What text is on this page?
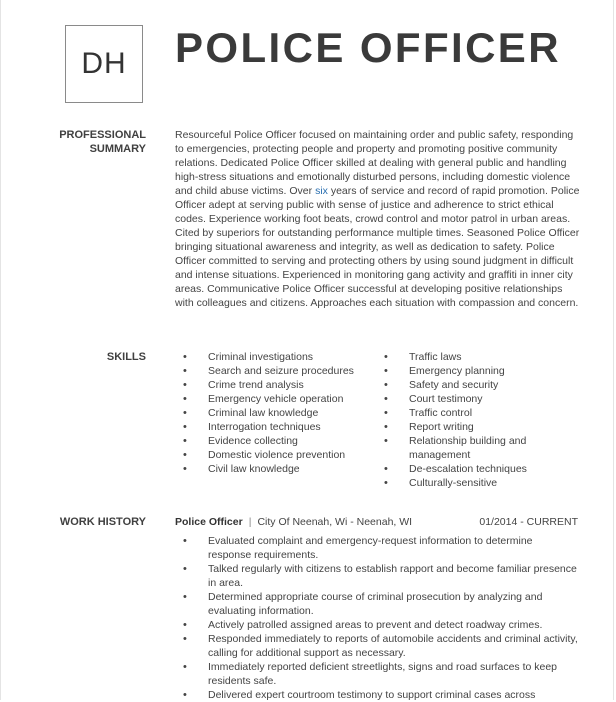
DH POLICE OFFICER
PROFESSIONAL
SUMMARY

Resourceful Police Officer focused on maintaining order and public safety, responding to emergencies, protecting people and property and promoting positive community relations. Dedicated Police Officer skilled at dealing with general public and handling high-stress situations and emotionally disturbed persons, including domestic violence and child abuse victims. Over six years of service and record of rapid promotion. Police Officer adept at serving public with sense of justice and adherence to strict ethical codes. Experience working foot beats, crowd control and motor patrol in urban areas. Cited by superiors for outstanding performance multiple times. Seasoned Police Officer bringing situational awareness and integrity, as well as dedication to safety. Police Officer committed to serving and protecting others by using sound judgment in difficult and intense situations. Experienced in monitoring gang activity and graffiti in inner city areas. Communicative Police Officer successful at developing positive relationships with colleagues and citizens. Approaches each situation with compassion and concern.

SKILLS	• Criminal investigations
• Search and seizure procedures
• Crime trend analysis
• Emergency vehicle operation
• Criminal law knowledge
• Interrogation techniques
• Evidence collecting
• Domestic violence prevention
• Civil law knowledge
• Traffic laws
• Emergency planning
• Safety and security
• Court testimony
• Traffic control
• Report writing
• Relationship building and management
• De-escalation techniques
• Culturally-sensitive
WORK HISTORY	Police Officer | City Of Neenah, Wi - Neenah, WI	01/2014 - CURRENT
• Evaluated complaint and emergency-request information to determine response requirements.
• Talked regularly with citizens to establish rapport and become familiar presence in area.
• Determined appropriate course of criminal prosecution by analyzing and evaluating information.
• Actively patrolled assigned areas to prevent and detect roadway crimes.
• Responded immediately to reports of automobile accidents and criminal activity, calling for additional support as necessary.
• Immediately reported deficient streetlights, signs and road surfaces to keep residents safe.
• Delivered expert courtroom testimony to support criminal cases across
